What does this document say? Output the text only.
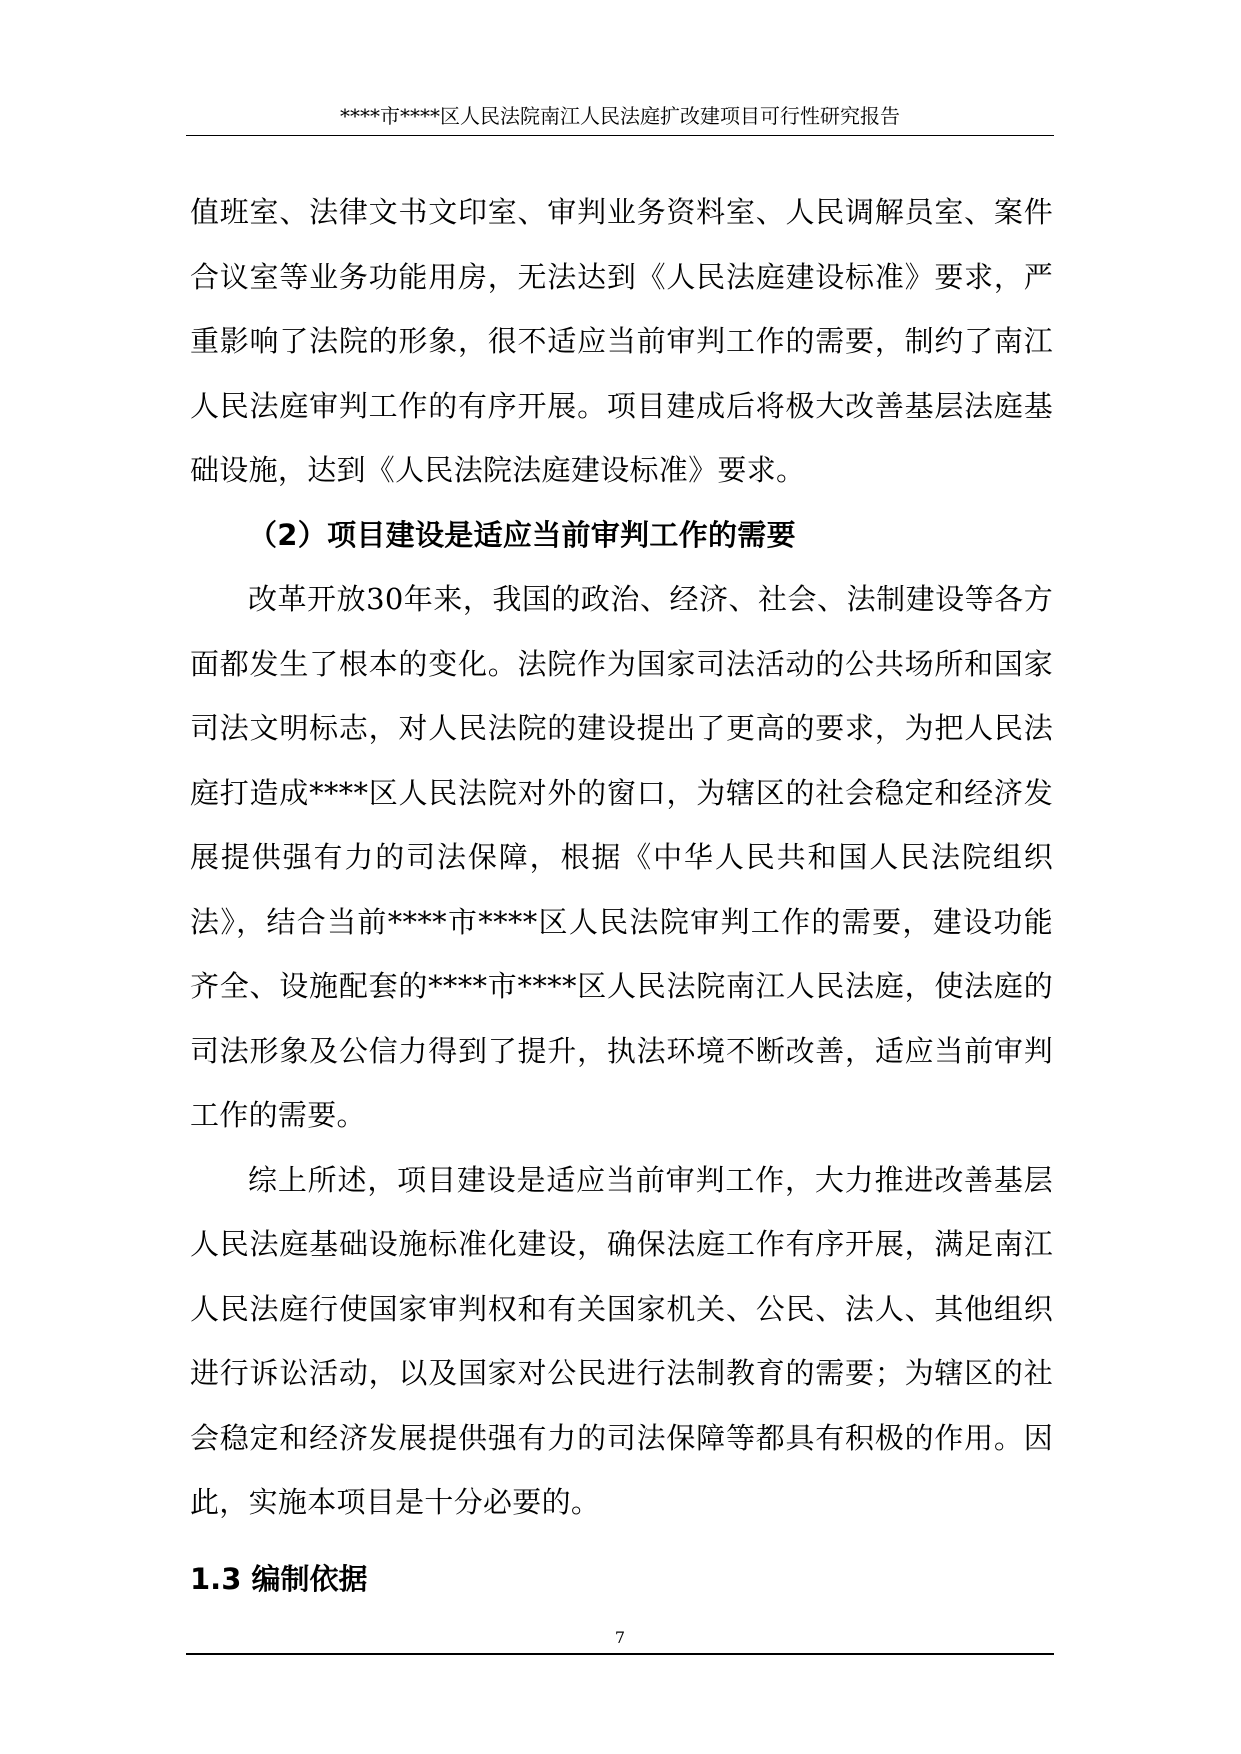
****市****区人民法院南江人民法庭扩改建项目可行性研究报告

值班室、法律文书文印室、审判业务资料室、人民调解员室、案件合议室等业务功能用房，无法达到《人民法庭建设标准》要求，严重影响了法院的形象，很不适应当前审判工作的需要，制约了南江人民法庭审判工作的有序开展。项目建成后将极大改善基层法庭基础设施，达到《人民法院法庭建设标准》要求。

（2）项目建设是适应当前审判工作的需要

改革开放30年来，我国的政治、经济、社会、法制建设等各方面都发生了根本的变化。法院作为国家司法活动的公共场所和国家司法文明标志，对人民法院的建设提出了更高的要求，为把人民法庭打造成****区人民法院对外的窗口，为辖区的社会稳定和经济发展提供强有力的司法保障，根据《中华人民共和国人民法院组织法》，结合当前****市****区人民法院审判工作的需要，建设功能齐全、设施配套的****市****区人民法院南江人民法庭，使法庭的司法形象及公信力得到了提升，执法环境不断改善，适应当前审判工作的需要。

综上所述，项目建设是适应当前审判工作，大力推进改善基层人民法庭基础设施标准化建设，确保法庭工作有序开展，满足南江人民法庭行使国家审判权和有关国家机关、公民、法人、其他组织进行诉讼活动，以及国家对公民进行法制教育的需要；为辖区的社会稳定和经济发展提供强有力的司法保障等都具有积极的作用。因此，实施本项目是十分必要的。

1.3 编制依据

7
